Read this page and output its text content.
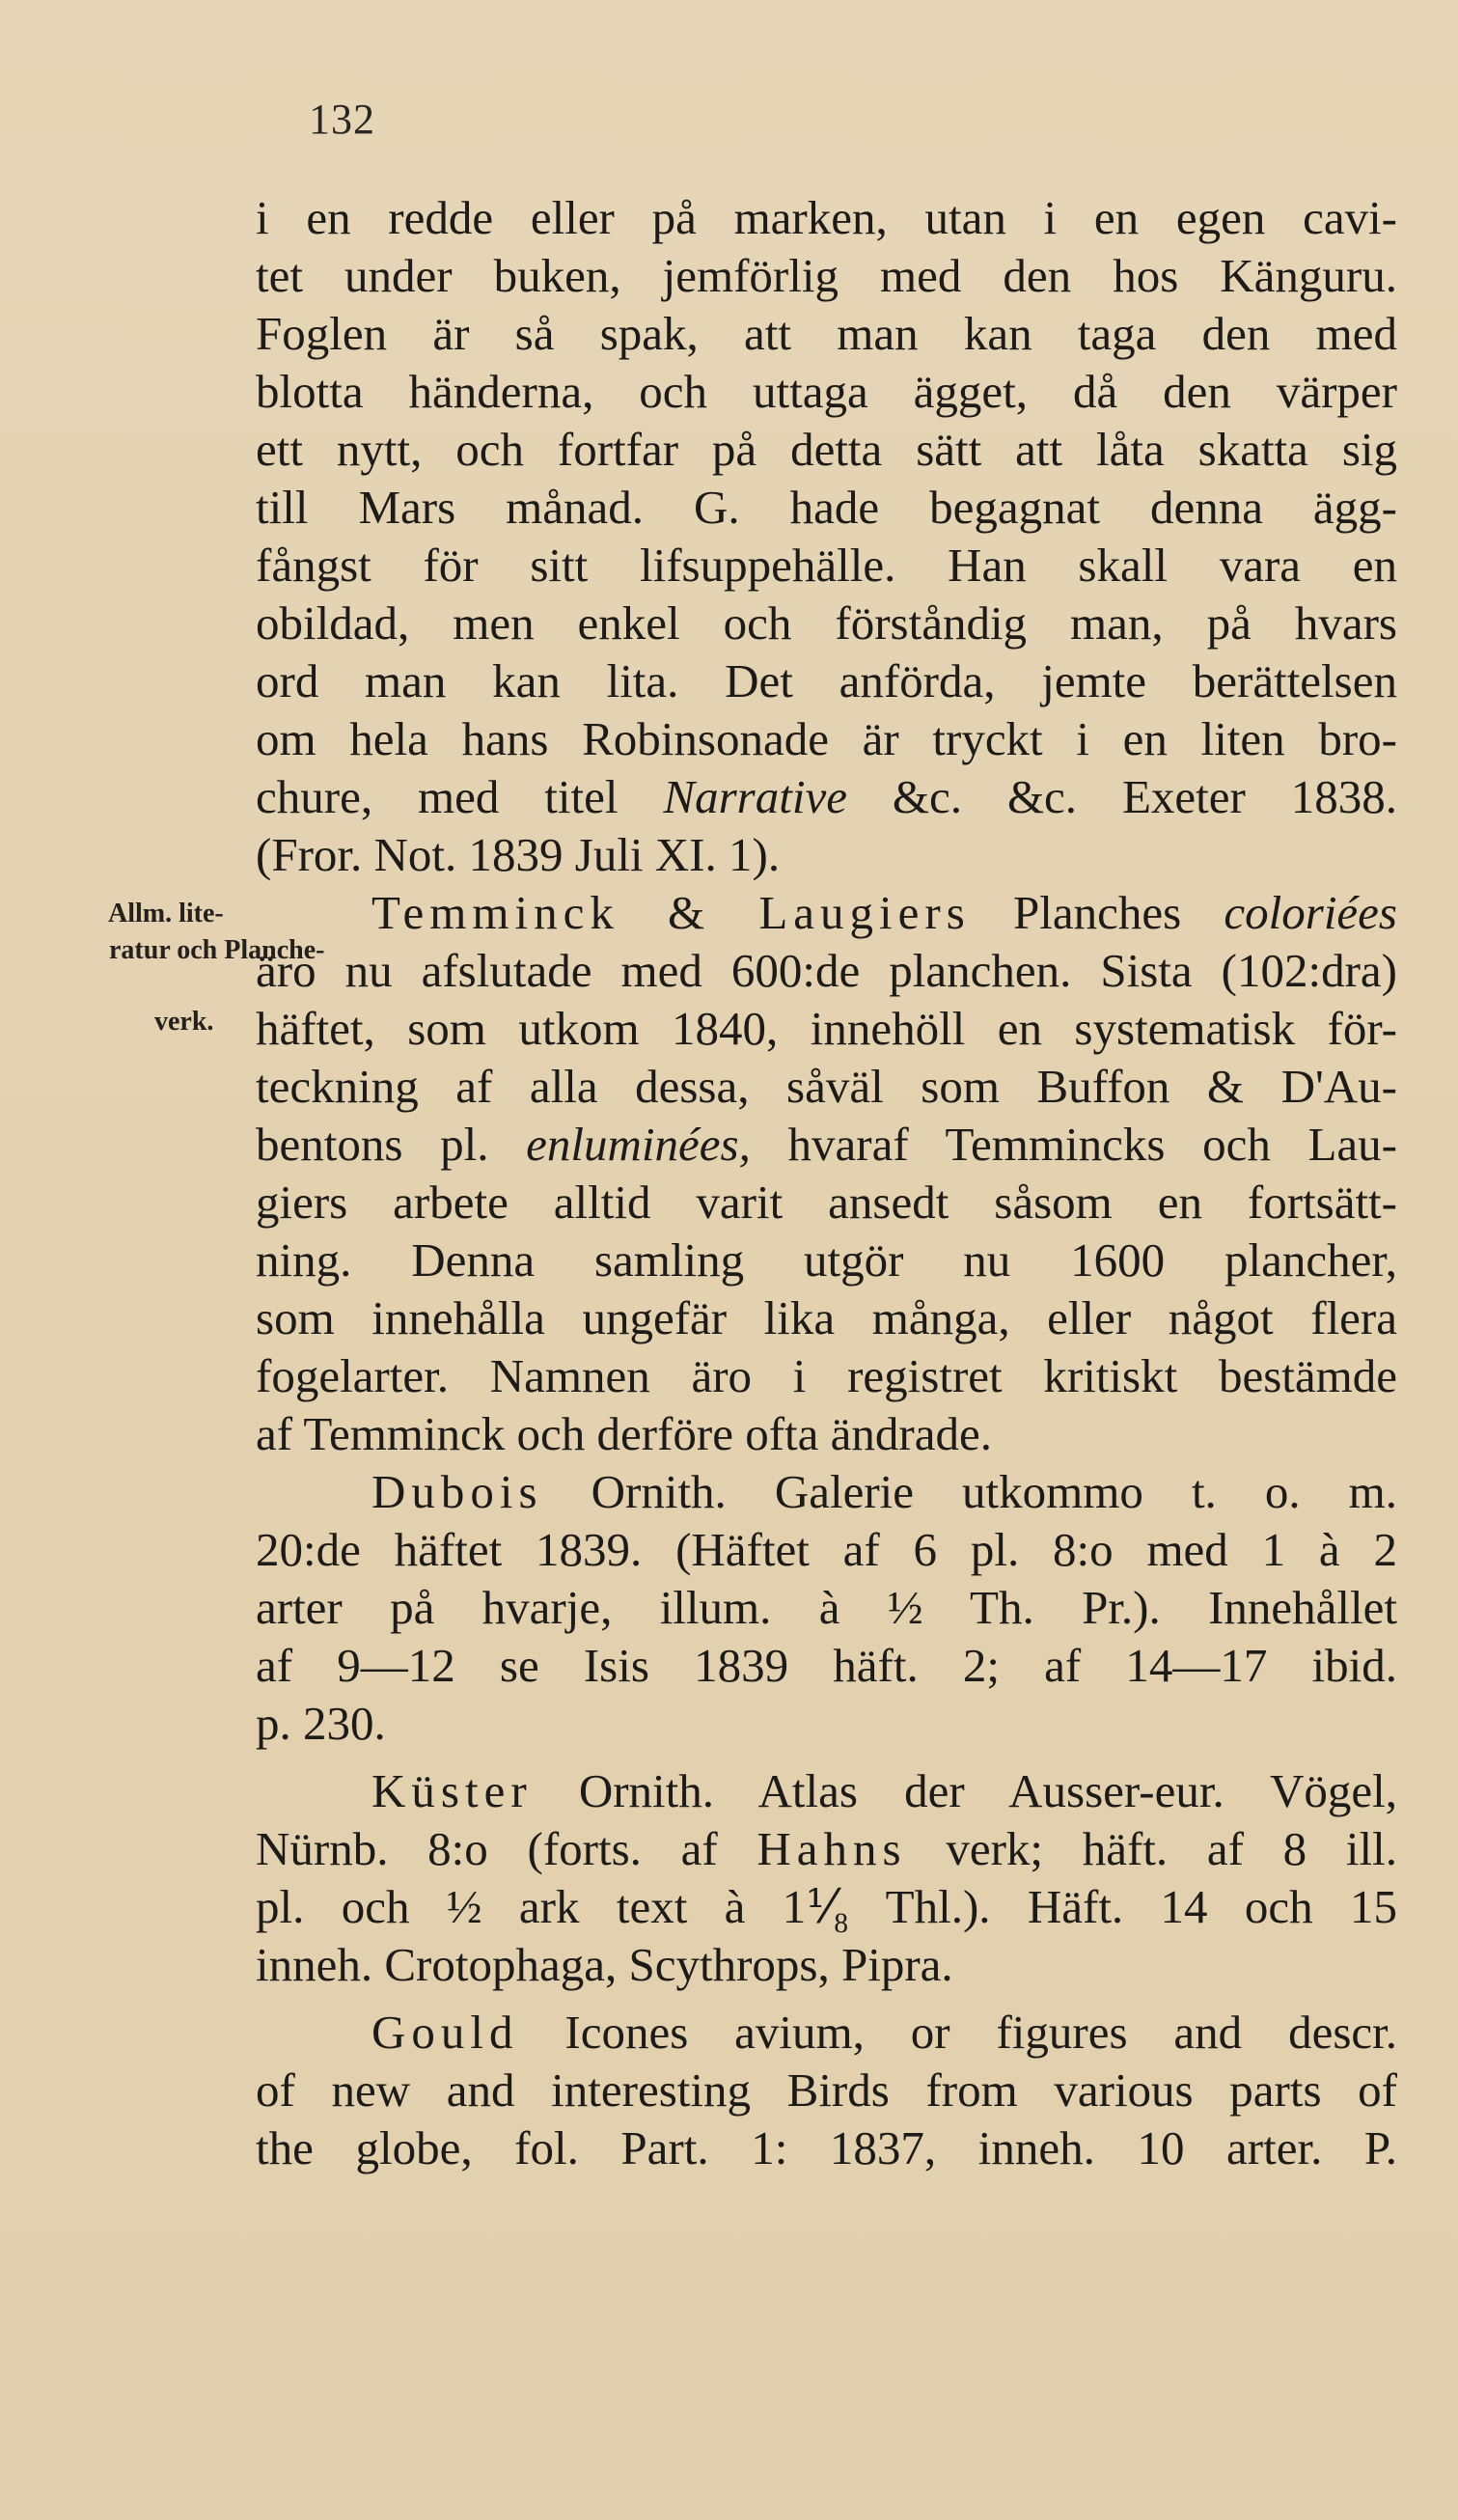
132
i en redde eller på marken, utan i en egen cavi-
tet under buken, jemförlig med den hos Känguru.
Foglen är så spak, att man kan taga den med
blotta händerna, och uttaga ägget, då den värper
ett nytt, och fortfar på detta sätt att låta skatta sig
till Mars månad. G. hade begagnat denna ägg-
fångst för sitt lifsuppehälle. Han skall vara en
obildad, men enkel och förståndig man, på hvars
ord man kan lita. Det anförda, jemte berättelsen
om hela hans Robinsonade är tryckt i en liten bro-
chure, med titel Narrative &c. &c. Exeter 1838.
(Fror. Not. 1839 Juli XI. 1).
Allm. lite-
ratur och Planche-
verk.
Temminck & Laugiers Planches coloriées
äro nu afslutade med 600:de planchen. Sista (102:dra)
häftet, som utkom 1840, innehöll en systematisk för-
teckning af alla dessa, såväl som Buffon & D'Au-
bentons pl. enluminées, hvaraf Temmincks och Lau-
giers arbete alltid varit ansedt såsom en fortsätt-
ning. Denna samling utgör nu 1600 plancher,
som innehålla ungefär lika många, eller något flera
fogelarter. Namnen äro i registret kritiskt bestämde
af Temminck och derföre ofta ändrade.
Dubois Ornith. Galerie utkommo t. o. m.
20:de häftet 1839. (Häftet af 6 pl. 8:o med 1 à 2
arter på hvarje, illum. à ½ Th. Pr.). Innehållet
af 9—12 se Isis 1839 häft. 2; af 14—17 ibid.
p. 230.
Küster Ornith. Atlas der Ausser-eur. Vögel,
Nürnb. 8:o (forts. af Hahns verk; häft. af 8 ill.
pl. och ½ ark text à 1⅟₈ Thl.). Häft. 14 och 15
inneh. Crotophaga, Scythrops, Pipra.
Gould Icones avium, or figures and descr.
of new and interesting Birds from various parts of
the globe, fol. Part. 1: 1837, inneh. 10 arter. P.
